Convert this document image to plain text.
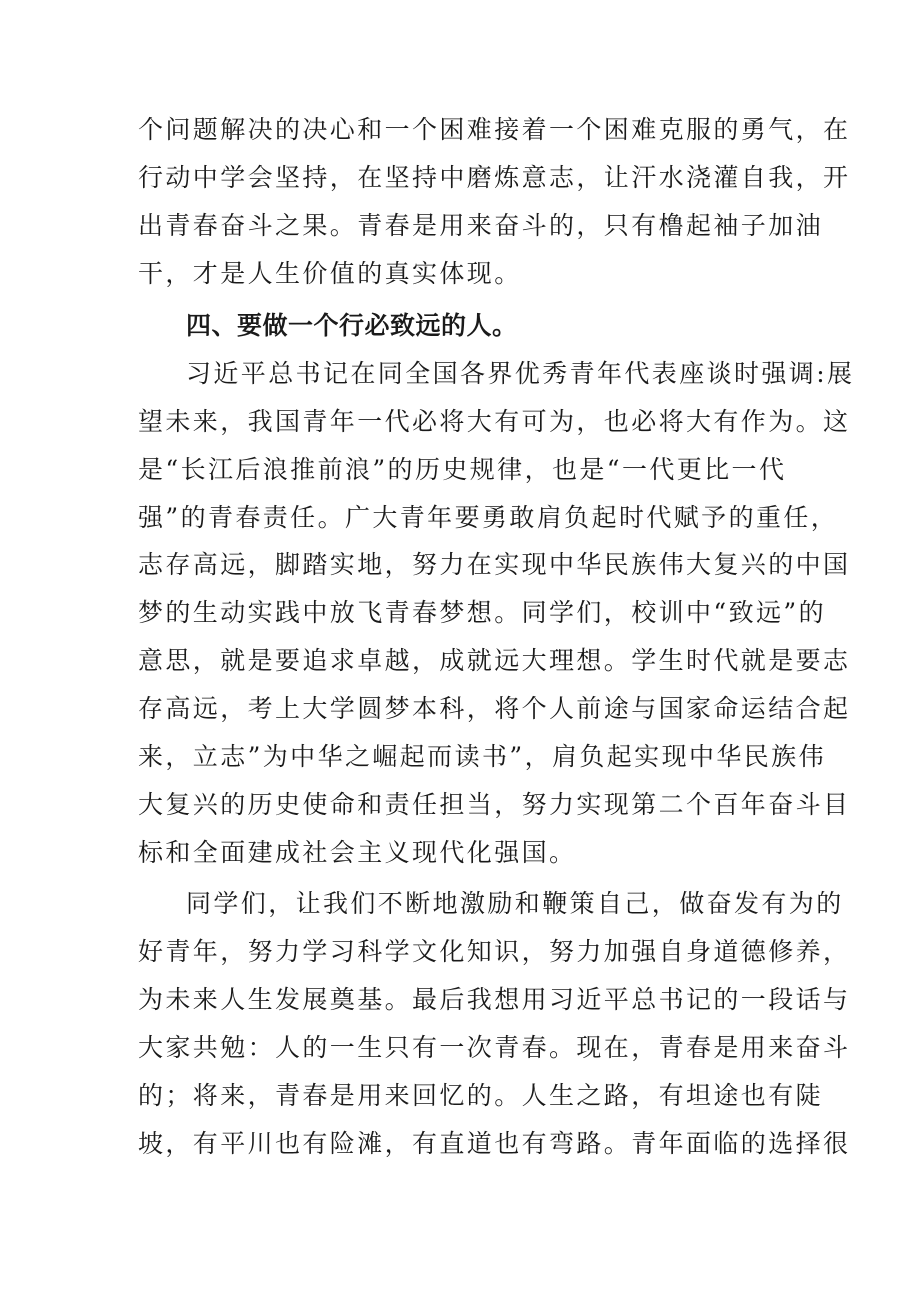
个问题解决的决心和一个困难接着一个困难克服的勇气，在
行动中学会坚持，在坚持中磨炼意志，让汗水浇灌自我，开
出青春奋斗之果。青春是用来奋斗的，只有橹起袖子加油
干，才是人生价值的真实体现。
四、要做一个行必致远的人。
习近平总书记在同全国各界优秀青年代表座谈时强调:展
望未来，我国青年一代必将大有可为，也必将大有作为。这
是“长江后浪推前浪”的历史规律，也是“一代更比一代
强”的青春责任。广大青年要勇敢肩负起时代赋予的重任，
志存高远，脚踏实地，努力在实现中华民族伟大复兴的中国
梦的生动实践中放飞青春梦想。同学们，校训中“致远”的
意思，就是要追求卓越，成就远大理想。学生时代就是要志
存高远，考上大学圆梦本科，将个人前途与国家命运结合起
来，立志”为中华之崛起而读书”，肩负起实现中华民族伟
大复兴的历史使命和责任担当，努力实现第二个百年奋斗目
标和全面建成社会主义现代化强国。
同学们，让我们不断地激励和鞭策自己，做奋发有为的
好青年，努力学习科学文化知识，努力加强自身道德修养，
为未来人生发展奠基。最后我想用习近平总书记的一段话与
大家共勉：人的一生只有一次青春。现在，青春是用来奋斗
的；将来，青春是用来回忆的。人生之路，有坦途也有陡
坡，有平川也有险滩，有直道也有弯路。青年面临的选择很
